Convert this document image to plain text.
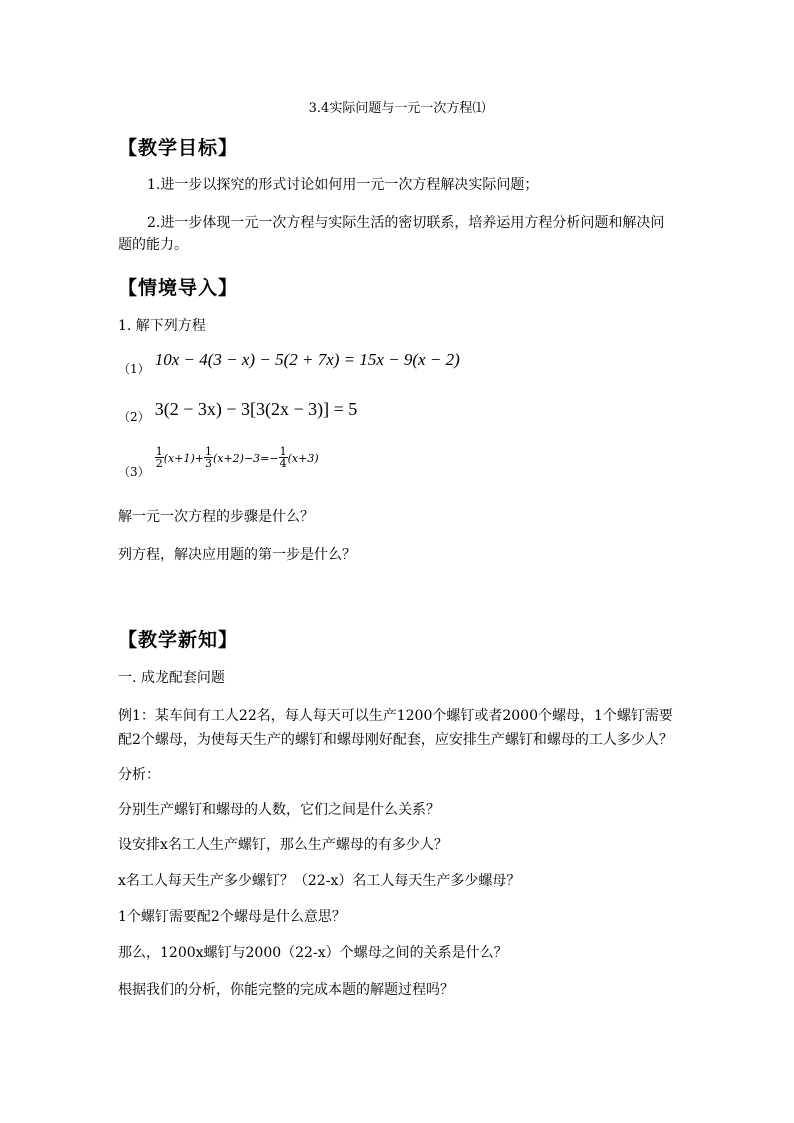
3.4实际问题与一元一次方程⑴
【教学目标】
1.进一步以探究的形式讨论如何用一元一次方程解决实际问题；
2.进一步体现一元一次方程与实际生活的密切联系，培养运用方程分析问题和解决问题的能力。
【情境导入】
1. 解下列方程
（1） 10x − 4(3 − x) − 5(2 + 7x) = 15x − 9(x − 2)
（2） 3(2 − 3x) − 3[3(2x − 3)] = 5
（3）
$\frac{1}{2} (x+1)+ \frac{1}{3} (x+2)-3=- \frac{1}{4} (x+3)$
解一元一次方程的步骤是什么？
列方程，解决应用题的第一步是什么？
【教学新知】
一. 成龙配套问题
例1：某车间有工人22名，每人每天可以生产1200个螺钉或者2000个螺母，1个螺钉需要配2个螺母，为使每天生产的螺钉和螺母刚好配套，应安排生产螺钉和螺母的工人多少人？
分析：
分别生产螺钉和螺母的人数，它们之间是什么关系？
设安排x名工人生产螺钉，那么生产螺母的有多少人？
x名工人每天生产多少螺钉？（22-x）名工人每天生产多少螺母？
1个螺钉需要配2个螺母是什么意思？
那么，1200x螺钉与2000（22-x）个螺母之间的关系是什么？
根据我们的分析，你能完整的完成本题的解题过程吗？
